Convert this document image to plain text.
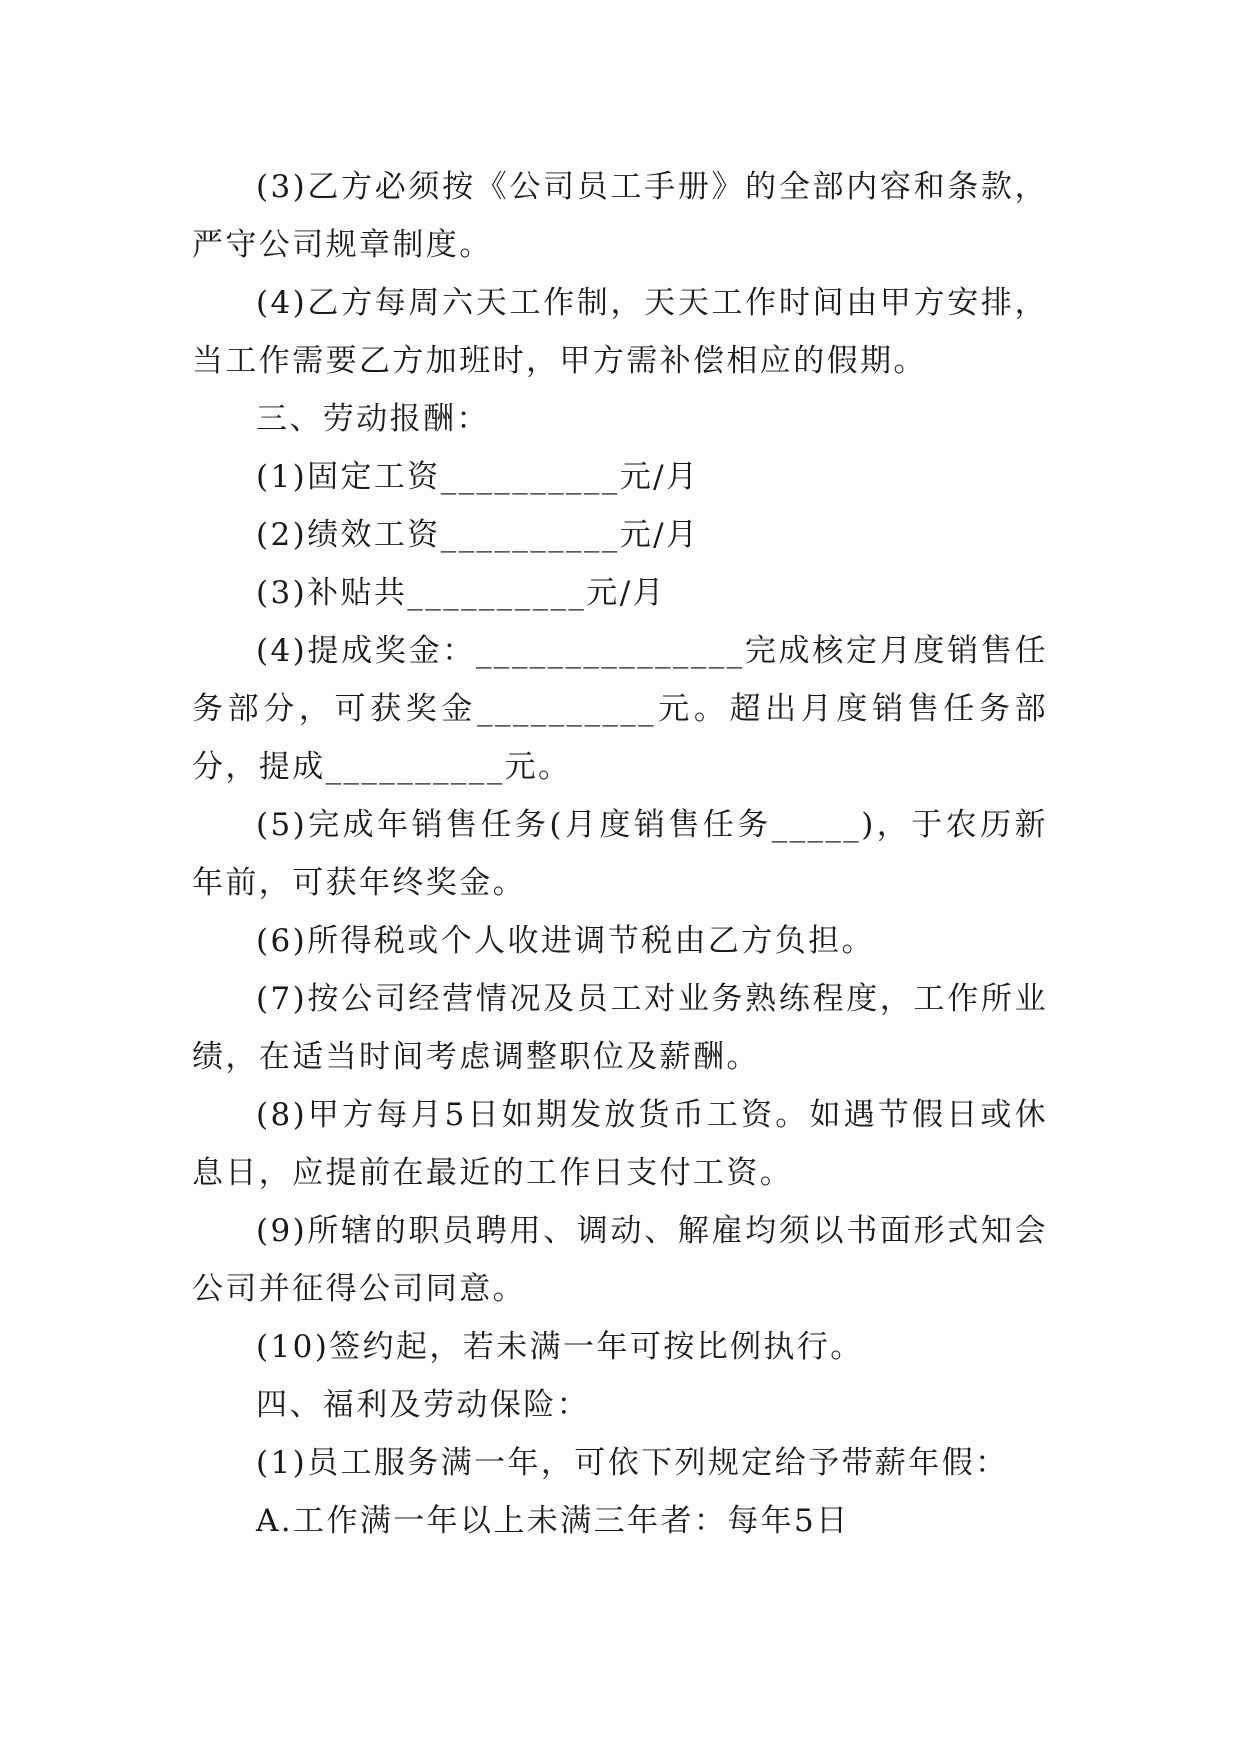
(3)乙方必须按《公司员工手册》的全部内容和条款，严守公司规章制度。

(4)乙方每周六天工作制，天天工作时间由甲方安排，当工作需要乙方加班时，甲方需补偿相应的假期。

三、劳动报酬：

(1)固定工资__________元/月

(2)绩效工资__________元/月

(3)补贴共__________元/月

(4)提成奖金：_______________完成核定月度销售任务部分，可获奖金__________元。超出月度销售任务部分，提成__________元。

(5)完成年销售任务(月度销售任务_____)，于农历新年前，可获年终奖金。

(6)所得税或个人收进调节税由乙方负担。

(7)按公司经营情况及员工对业务熟练程度，工作所业绩，在适当时间考虑调整职位及薪酬。

(8)甲方每月5日如期发放货币工资。如遇节假日或休息日，应提前在最近的工作日支付工资。

(9)所辖的职员聘用、调动、解雇均须以书面形式知会公司并征得公司同意。

(10)签约起，若未满一年可按比例执行。

四、福利及劳动保险：

(1)员工服务满一年，可依下列规定给予带薪年假：

A.工作满一年以上未满三年者：每年5日
